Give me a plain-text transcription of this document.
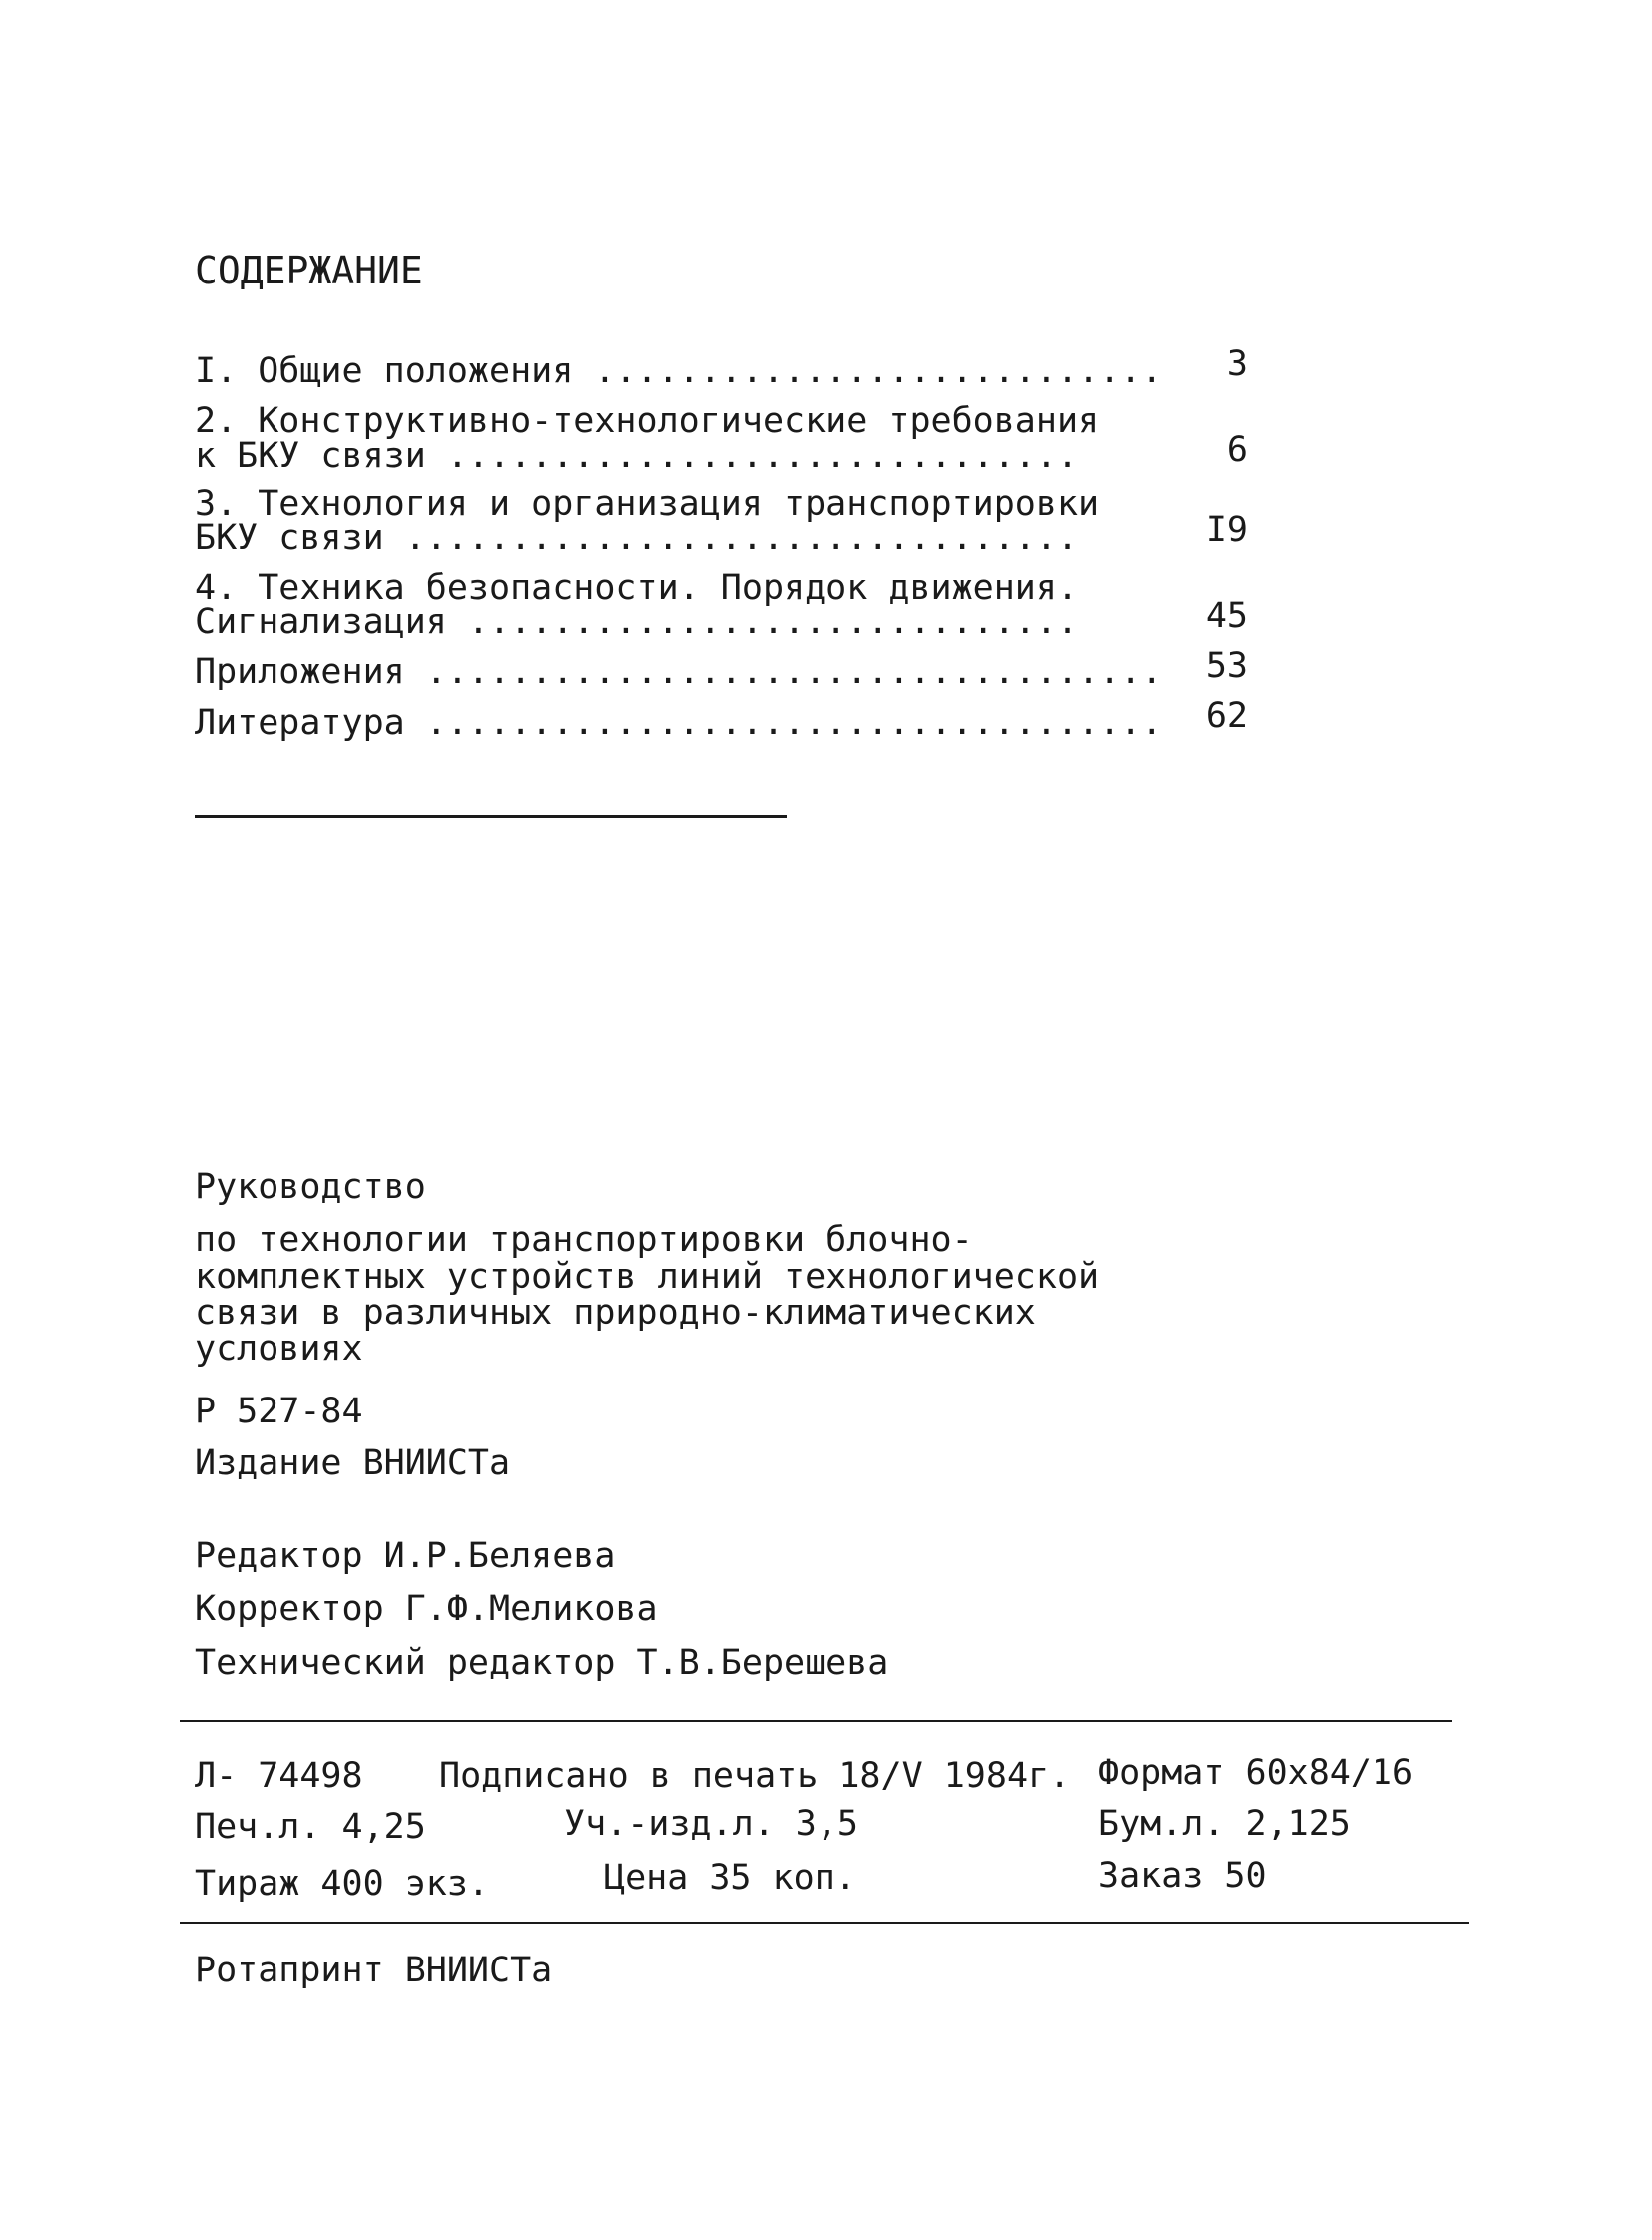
СОДЕРЖАНИЕ
I. Общие положения ...........................	3
2. Конструктивно-технологические требования
к БКУ связи ..............................	6
3. Технология и организация транспортировки
БКУ связи ................................	I9
4. Техника безопасности. Порядок движения.
Сигнализация .............................	45
Приложения ...................................	53
Литература ...................................	62
Руководство
по технологии транспортировки блочно-
комплектных устройств линий технологической
связи в различных природно-климатических
условиях
Р 527-84
Издание ВНИИСТа
Редактор И.Р.Беляева
Корректор Г.Ф.Меликова
Технический редактор Т.В.Берешева
Л- 74498 Подписано в печать 18/V 1984г. Формат 60х84/16
Печ.л. 4,25	Уч.-изд.л. 3,5	Бум.л. 2,125
Тираж 400 экз.	Цена 35 коп.	Заказ 50
Ротапринт ВНИИСТа
